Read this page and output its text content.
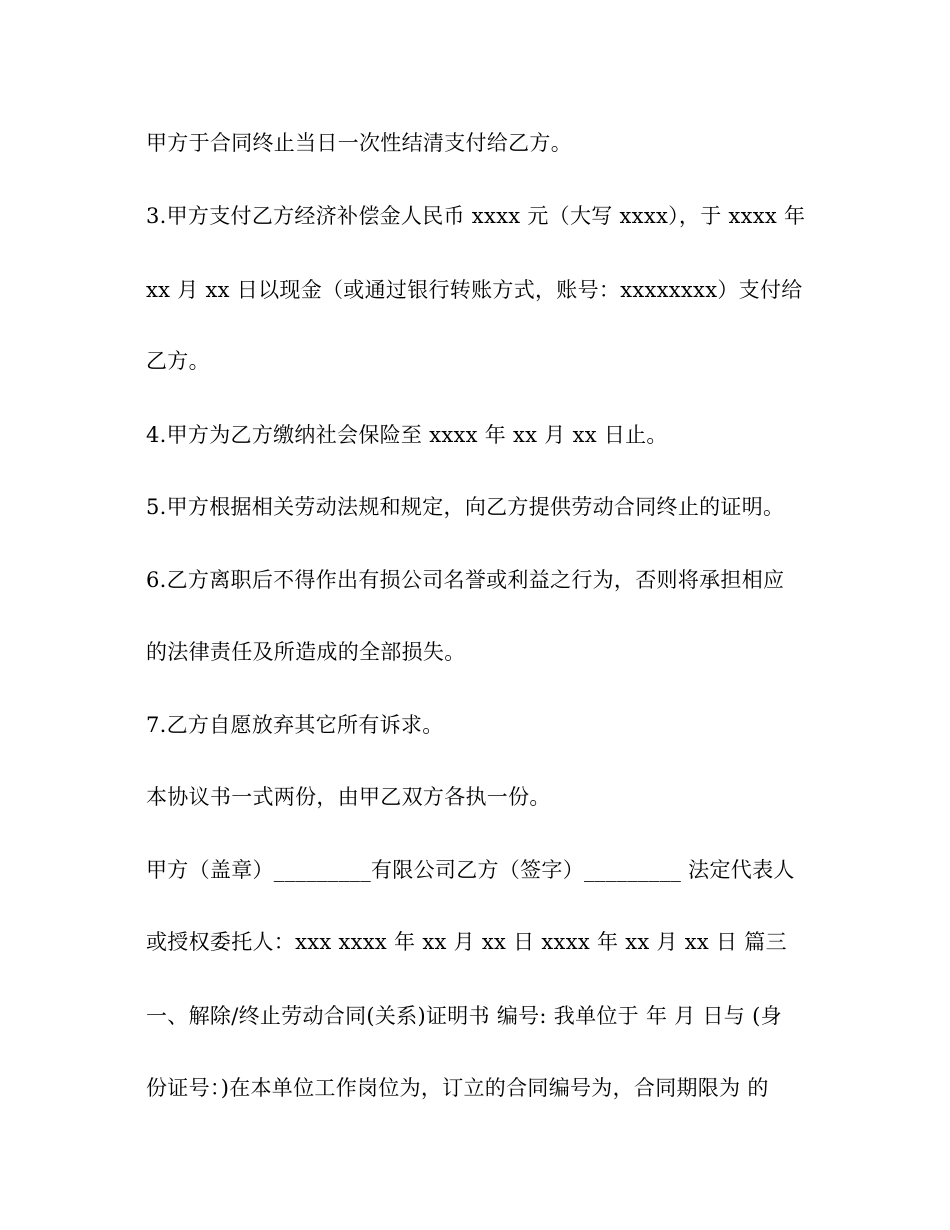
甲方于合同终止当日一次性结清支付给乙方。
3.甲方支付乙方经济补偿金人民币 xxxx 元（大写 xxxx），于 xxxx 年
xx 月 xx 日以现金（或通过银行转账方式，账号：xxxxxxxx）支付给
乙方。
4.甲方为乙方缴纳社会保险至 xxxx 年 xx 月 xx 日止。
5.甲方根据相关劳动法规和规定，向乙方提供劳动合同终止的证明。
6.乙方离职后不得作出有损公司名誉或利益之行为，否则将承担相应
的法律责任及所造成的全部损失。
7.乙方自愿放弃其它所有诉求。
本协议书一式两份，由甲乙双方各执一份。
甲方（盖章）_________有限公司乙方（签字）_________ 法定代表人
或授权委托人：xxx xxxx 年 xx 月 xx 日 xxxx 年 xx 月 xx 日 篇三
一、解除/终止劳动合同(关系)证明书 编号: 我单位于 年 月 日与 (身
份证号：)在本单位工作岗位为，订立的合同编号为，合同期限为 的
